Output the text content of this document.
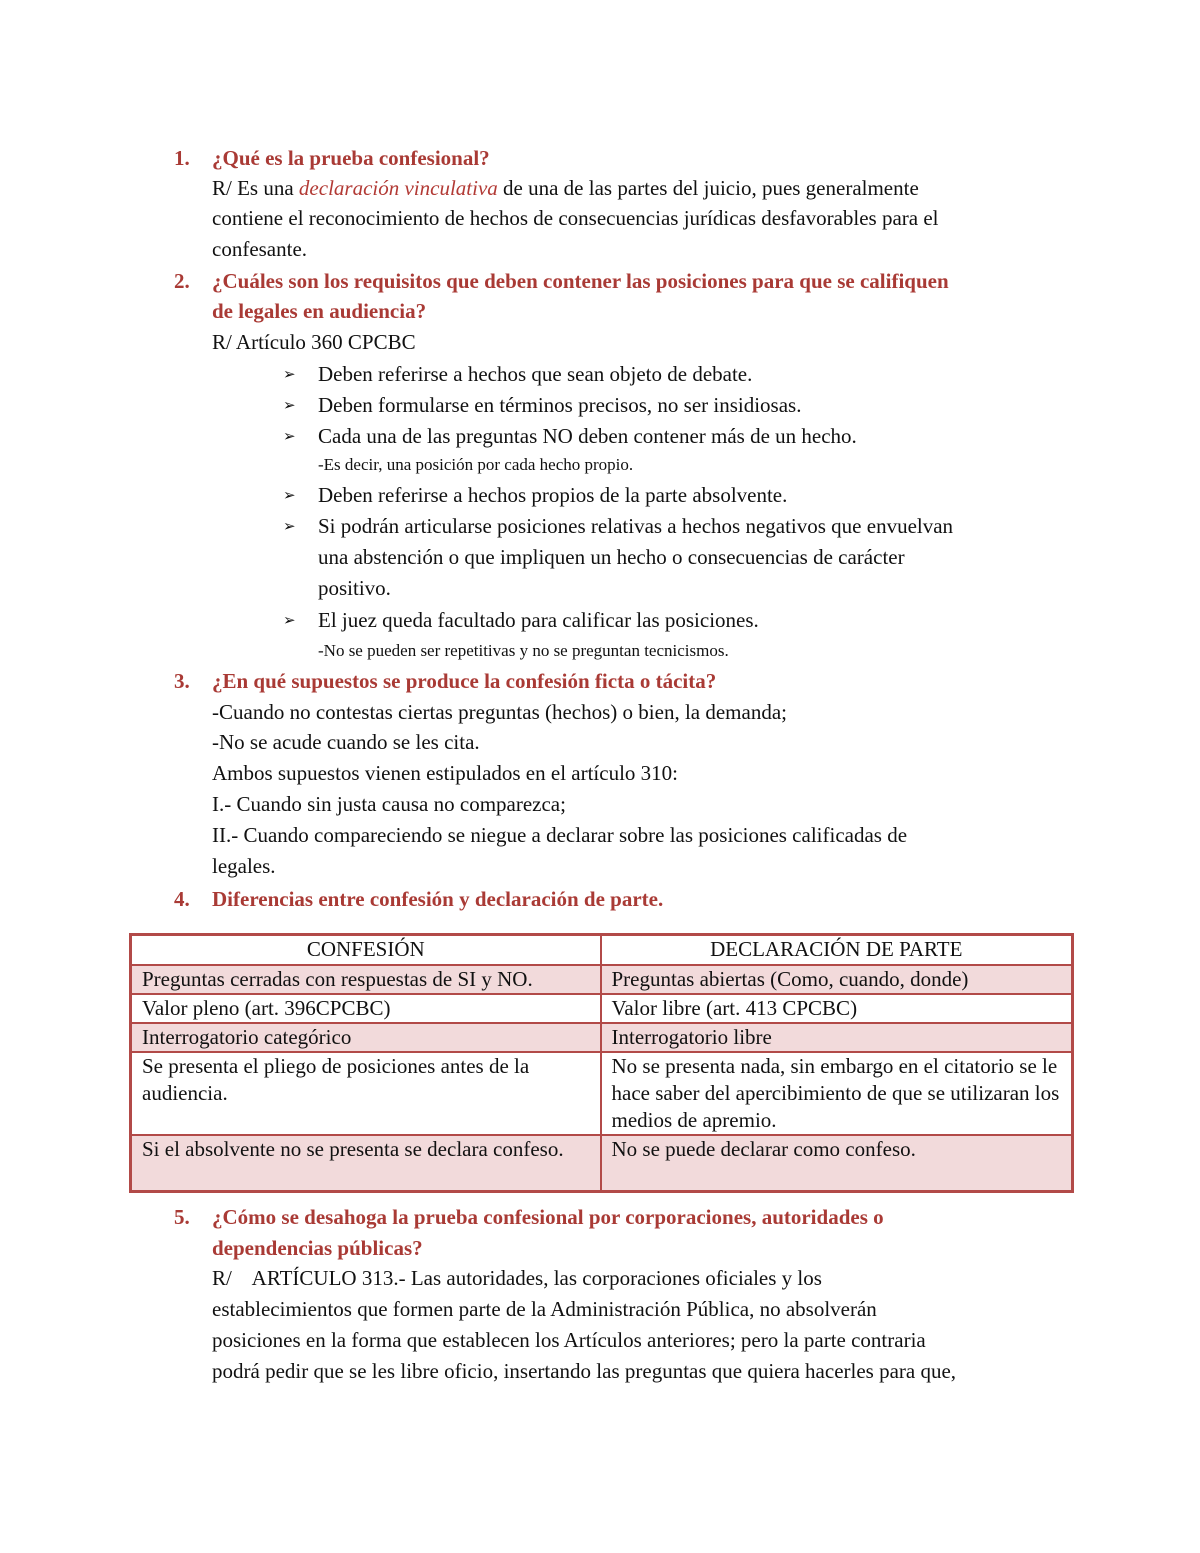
1.	¿Qué es la prueba confesional?
R/ Es una declaración vinculativa de una de las partes del juicio, pues generalmente
contiene el reconocimiento de hechos de consecuencias jurídicas desfavorables para el
confesante.
2.	¿Cuáles son los requisitos que deben contener las posiciones para que se califiquen
de legales en audiencia?
R/ Artículo 360 CPCBC
➢ Deben referirse a hechos que sean objeto de debate.
➢ Deben formularse en términos precisos, no ser insidiosas.
➢ Cada una de las preguntas NO deben contener más de un hecho.
-Es decir, una posición por cada hecho propio.
➢ Deben referirse a hechos propios de la parte absolvente.
➢ Si podrán articularse posiciones relativas a hechos negativos que envuelvan
una abstención o que impliquen un hecho o consecuencias de carácter
positivo.
➢ El juez queda facultado para calificar las posiciones.
-No se pueden ser repetitivas y no se preguntan tecnicismos.
3.	¿En qué supuestos se produce la confesión ficta o tácita?
-Cuando no contestas ciertas preguntas (hechos) o bien, la demanda;
-No se acude cuando se les cita.
Ambos supuestos vienen estipulados en el artículo 310:
I.- Cuando sin justa causa no comparezca;
II.- Cuando compareciendo se niegue a declarar sobre las posiciones calificadas de
legales.
4.	Diferencias entre confesión y declaración de parte.
CONFESIÓN	DECLARACIÓN DE PARTE
Preguntas cerradas con respuestas de SI y NO.	Preguntas abiertas (Como, cuando, donde)
Valor pleno (art. 396CPCBC)	Valor libre (art. 413 CPCBC)
Interrogatorio categórico	Interrogatorio libre
Se presenta el pliego de posiciones antes de la audiencia.	No se presenta nada, sin embargo en el citatorio se le hace saber del apercibimiento de que se utilizaran los medios de apremio.
Si el absolvente no se presenta se declara confeso.	No se puede declarar como confeso.
5.	¿Cómo se desahoga la prueba confesional por corporaciones, autoridades o
dependencias públicas?
R/    ARTÍCULO 313.- Las autoridades, las corporaciones oficiales y los
establecimientos que formen parte de la Administración Pública, no absolverán
posiciones en la forma que establecen los Artículos anteriores; pero la parte contraria
podrá pedir que se les libre oficio, insertando las preguntas que quiera hacerles para que,
